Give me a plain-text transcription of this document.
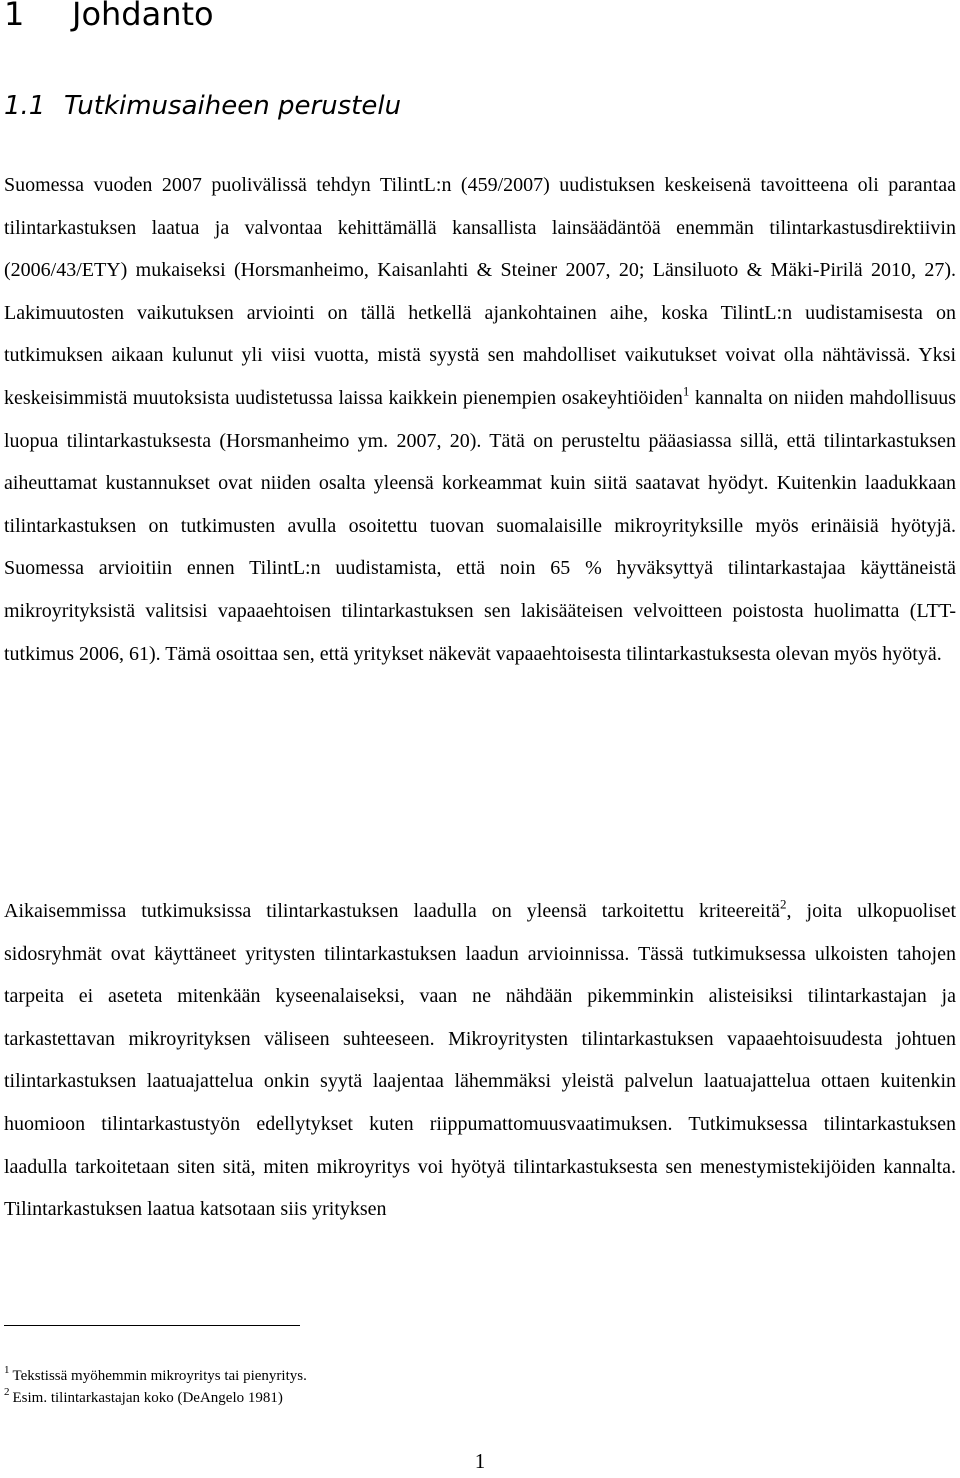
1 Johdanto
1.1 Tutkimusaiheen perustelu

Suomessa vuoden 2007 puolivälissä tehdyn TilintL:n (459/2007) uudistuksen keskeisenä tavoitteena oli parantaa tilintarkastuksen laatua ja valvontaa kehittämällä kansallista lainsäädäntöä enemmän tilintarkastusdirektiivin (2006/43/ETY) mukaiseksi (Horsmanheimo, Kaisanlahti & Steiner 2007, 20; Länsiluoto & Mäki-Pirilä 2010, 27). Lakimuutosten vaikutuksen arviointi on tällä hetkellä ajankohtainen aihe, koska TilintL:n uudistamisesta on tutkimuksen aikaan kulunut yli viisi vuotta, mistä syystä sen mahdolliset vaikutukset voivat olla nähtävissä. Yksi keskeisimmistä muutoksista uudistetussa laissa kaikkein pienempien osakeyhtiöiden$^1$ kannalta on niiden mahdollisuus luopua tilintarkastuksesta (Horsmanheimo ym. 2007, 20). Tätä on perusteltu pääasiassa sillä, että tilintarkastuksen aiheuttamat kustannukset ovat niiden osalta yleensä korkeammat kuin siitä saatavat hyödyt. Kuitenkin laadukkaan tilintarkastuksen on tutkimusten avulla osoitettu tuovan suomalaisille mikroyrityksille myös erinäisiä hyötyjä. Suomessa arvioitiin ennen TilintL:n uudistamista, että noin 65 % hyväksyttyä tilintarkastajaa käyttäneistä mikroyrityksistä valitsisi vapaaehtoisen tilintarkastuksen sen lakisääteisen velvoitteen poistosta huolimatta (LTT-tutkimus 2006, 61). Tämä osoittaa sen, että yritykset näkevät vapaaehtoisesta tilintarkastuksesta olevan myös hyötyä.

Aikaisemmissa tutkimuksissa tilintarkastuksen laadulla on yleensä tarkoitettu kriteereitä$^2$, joita ulkopuoliset sidosryhmät ovat käyttäneet yritysten tilintarkastuksen laadun arvioinnissa. Tässä tutkimuksessa ulkoisten tahojen tarpeita ei aseteta mitenkään kyseenalaiseksi, vaan ne nähdään pikemminkin alisteisiksi tilintarkastajan ja tarkastettavan mikroyrityksen väliseen suhteeseen. Mikroyritysten tilintarkastuksen vapaaehtoisuudesta johtuen tilintarkastuksen laatuajattelua onkin syytä laajentaa lähemmäksi yleistä palvelun laatuajattelua ottaen kuitenkin huomioon tilintarkastustyön edellytykset kuten riippumattomuusvaatimuksen. Tutkimuksessa tilintarkastuksen laadulla tarkoitetaan siten sitä, miten mikroyritys voi hyötyä tilintarkastuksesta sen menestymistekijöiden kannalta. Tilintarkastuksen laatua katsotaan siis yrityksen

$^1$ Tekstissä myöhemmin mikroyritys tai pienyritys.

$^2$ Esim. tilintarkastajan koko (DeAngelo 1981)

1
